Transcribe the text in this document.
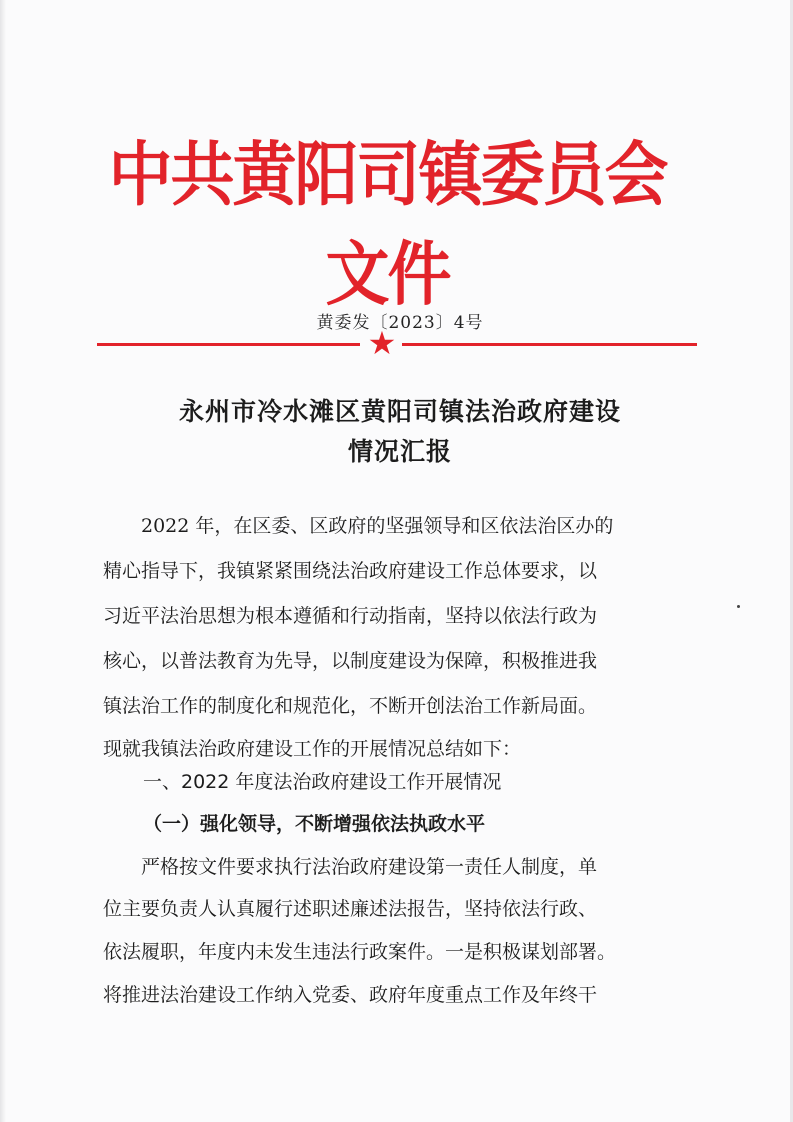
中共黄阳司镇委员会文件
黄委发〔2023〕4号
★
永州市冷水滩区黄阳司镇法治政府建设
情况汇报
　　2022 年，在区委、区政府的坚强领导和区依法治区办的
精心指导下，我镇紧紧围绕法治政府建设工作总体要求，以
习近平法治思想为根本遵循和行动指南，坚持以依法行政为
核心，以普法教育为先导，以制度建设为保障，积极推进我
镇法治工作的制度化和规范化，不断开创法治工作新局面。
现就我镇法治政府建设工作的开展情况总结如下：
一、2022 年度法治政府建设工作开展情况
（一）强化领导，不断增强依法执政水平
　　严格按文件要求执行法治政府建设第一责任人制度，单
位主要负责人认真履行述职述廉述法报告，坚持依法行政、
依法履职，年度内未发生违法行政案件。一是积极谋划部署。
将推进法治建设工作纳入党委、政府年度重点工作及年终干
